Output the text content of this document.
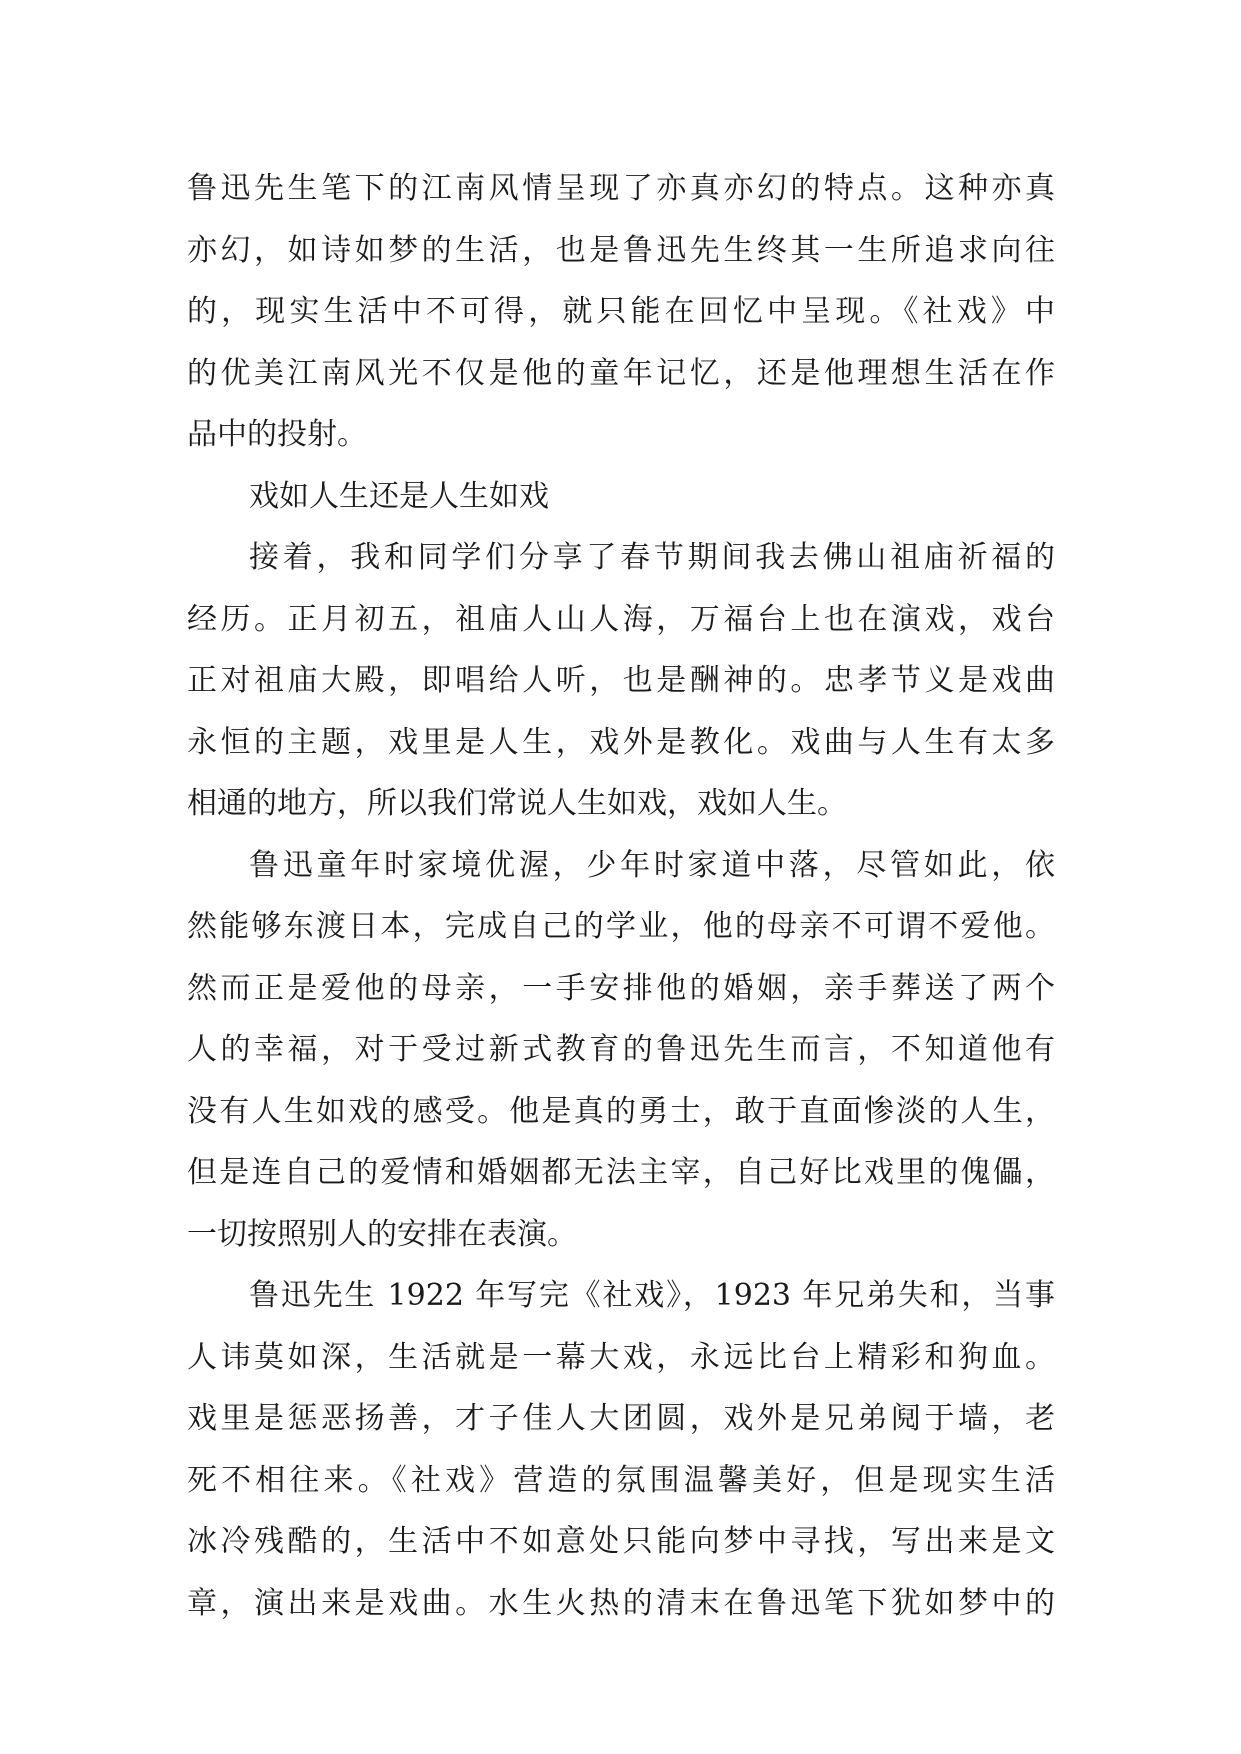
鲁迅先生笔下的江南风情呈现了亦真亦幻的特点。这种亦真
亦幻，如诗如梦的生活，也是鲁迅先生终其一生所追求向往
的，现实生活中不可得，就只能在回忆中呈现。《社戏》中
的优美江南风光不仅是他的童年记忆，还是他理想生活在作
品中的投射。
戏如人生还是人生如戏
接着，我和同学们分享了春节期间我去佛山祖庙祈福的
经历。正月初五，祖庙人山人海，万福台上也在演戏，戏台
正对祖庙大殿，即唱给人听，也是酬神的。忠孝节义是戏曲
永恒的主题，戏里是人生，戏外是教化。戏曲与人生有太多
相通的地方，所以我们常说人生如戏，戏如人生。
鲁迅童年时家境优渥，少年时家道中落，尽管如此，依
然能够东渡日本，完成自己的学业，他的母亲不可谓不爱他。
然而正是爱他的母亲，一手安排他的婚姻，亲手葬送了两个
人的幸福，对于受过新式教育的鲁迅先生而言，不知道他有
没有人生如戏的感受。他是真的勇士，敢于直面惨淡的人生，
但是连自己的爱情和婚姻都无法主宰，自己好比戏里的傀儡，
一切按照别人的安排在表演。
鲁迅先生 1922 年写完《社戏》，1923 年兄弟失和，当事
人讳莫如深，生活就是一幕大戏，永远比台上精彩和狗血。
戏里是惩恶扬善，才子佳人大团圆，戏外是兄弟阋于墙，老
死不相往来。《社戏》营造的氛围温馨美好，但是现实生活
冰冷残酷的，生活中不如意处只能向梦中寻找，写出来是文
章，演出来是戏曲。水生火热的清末在鲁迅笔下犹如梦中的
